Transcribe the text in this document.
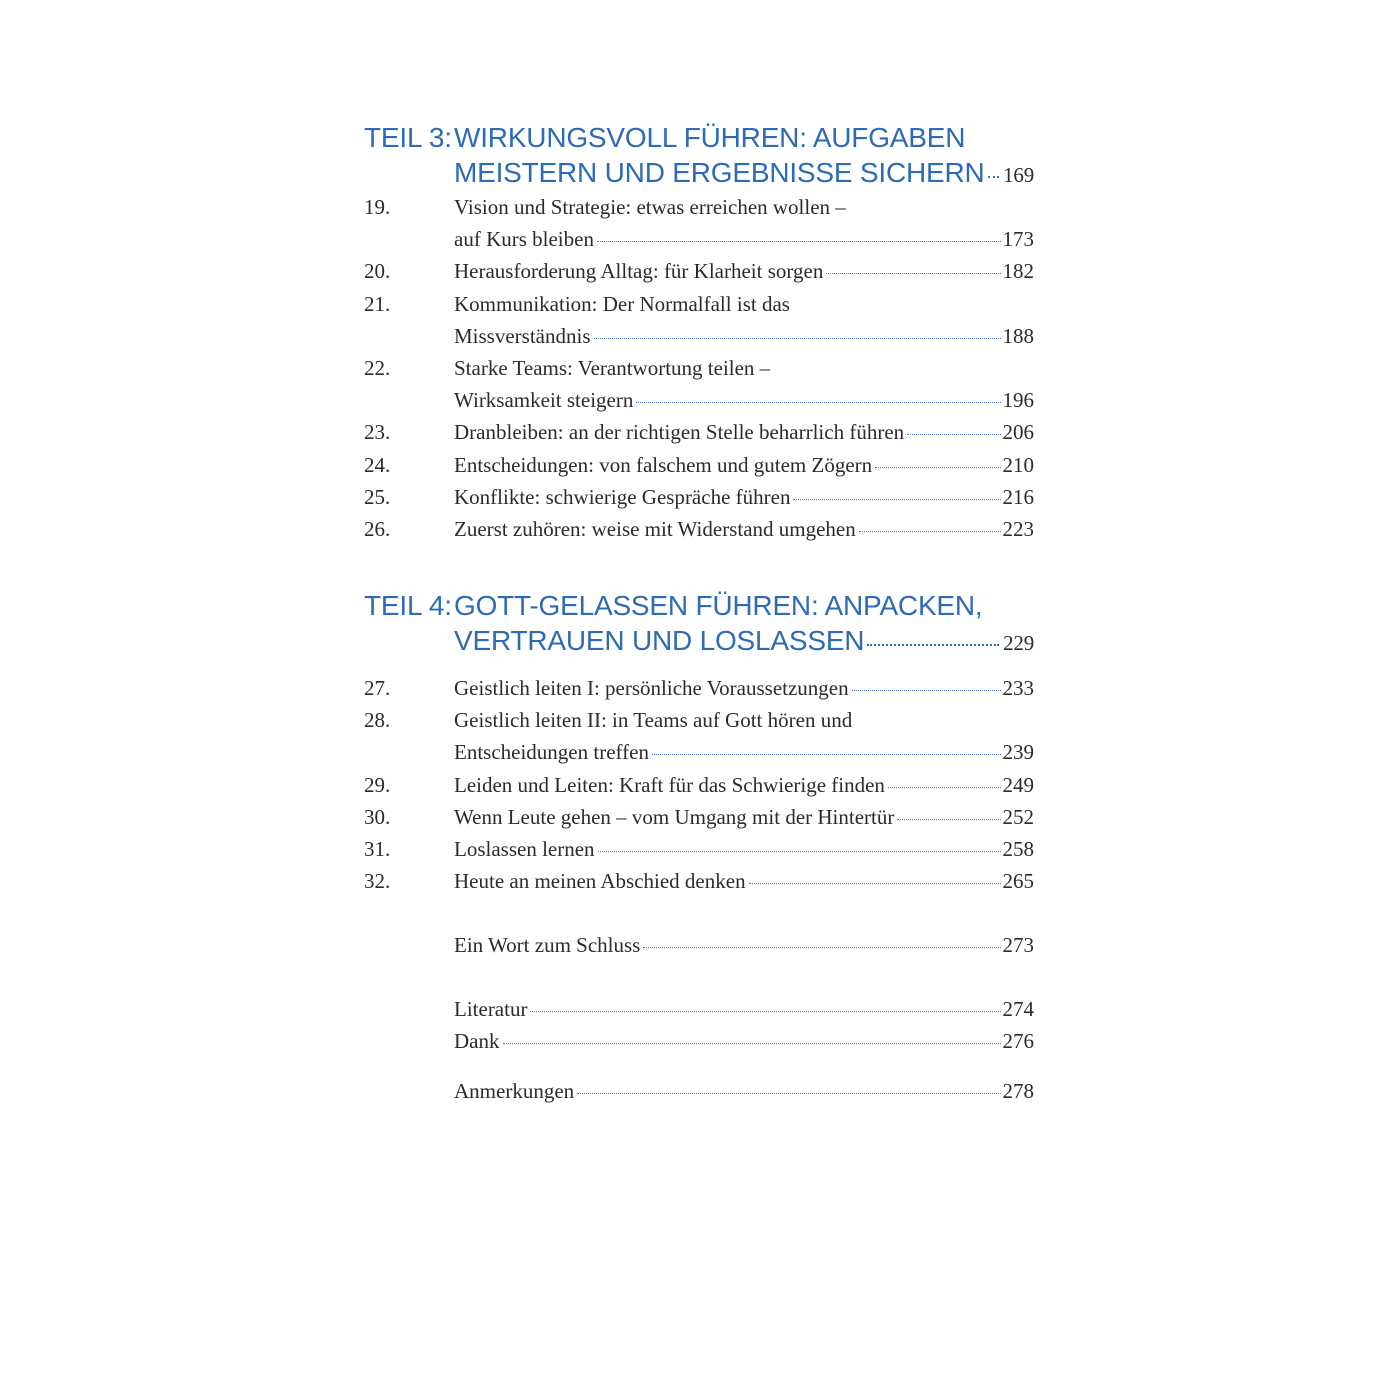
TEIL 3: WIRKUNGSVOLL FÜHREN: AUFGABEN
MEISTERN UND ERGEBNISSE SICHERN 169
19.	Vision und Strategie: etwas erreichen wollen –
auf Kurs bleiben	173
20.	Herausforderung Alltag: für Klarheit sorgen	182
21.	Kommunikation: Der Normalfall ist das
Missverständnis	188
22.	Starke Teams: Verantwortung teilen –
Wirksamkeit steigern	196
23.	Dranbleiben: an der richtigen Stelle beharrlich führen	206
24.	Entscheidungen: von falschem und gutem Zögern	210
25.	Konflikte: schwierige Gespräche führen	216
26.	Zuerst zuhören: weise mit Widerstand umgehen	223
TEIL 4: GOTT-GELASSEN FÜHREN: ANPACKEN,
VERTRAUEN UND LOSLASSEN	229
27.	Geistlich leiten I: persönliche Voraussetzungen	233
28.	Geistlich leiten II: in Teams auf Gott hören und
Entscheidungen treffen	239
29.	Leiden und Leiten: Kraft für das Schwierige finden	249
30.	Wenn Leute gehen – vom Umgang mit der Hintertür	252
31.	Loslassen lernen	258
32.	Heute an meinen Abschied denken	265
Ein Wort zum Schluss	273
Literatur	274
Dank	276
Anmerkungen	278
